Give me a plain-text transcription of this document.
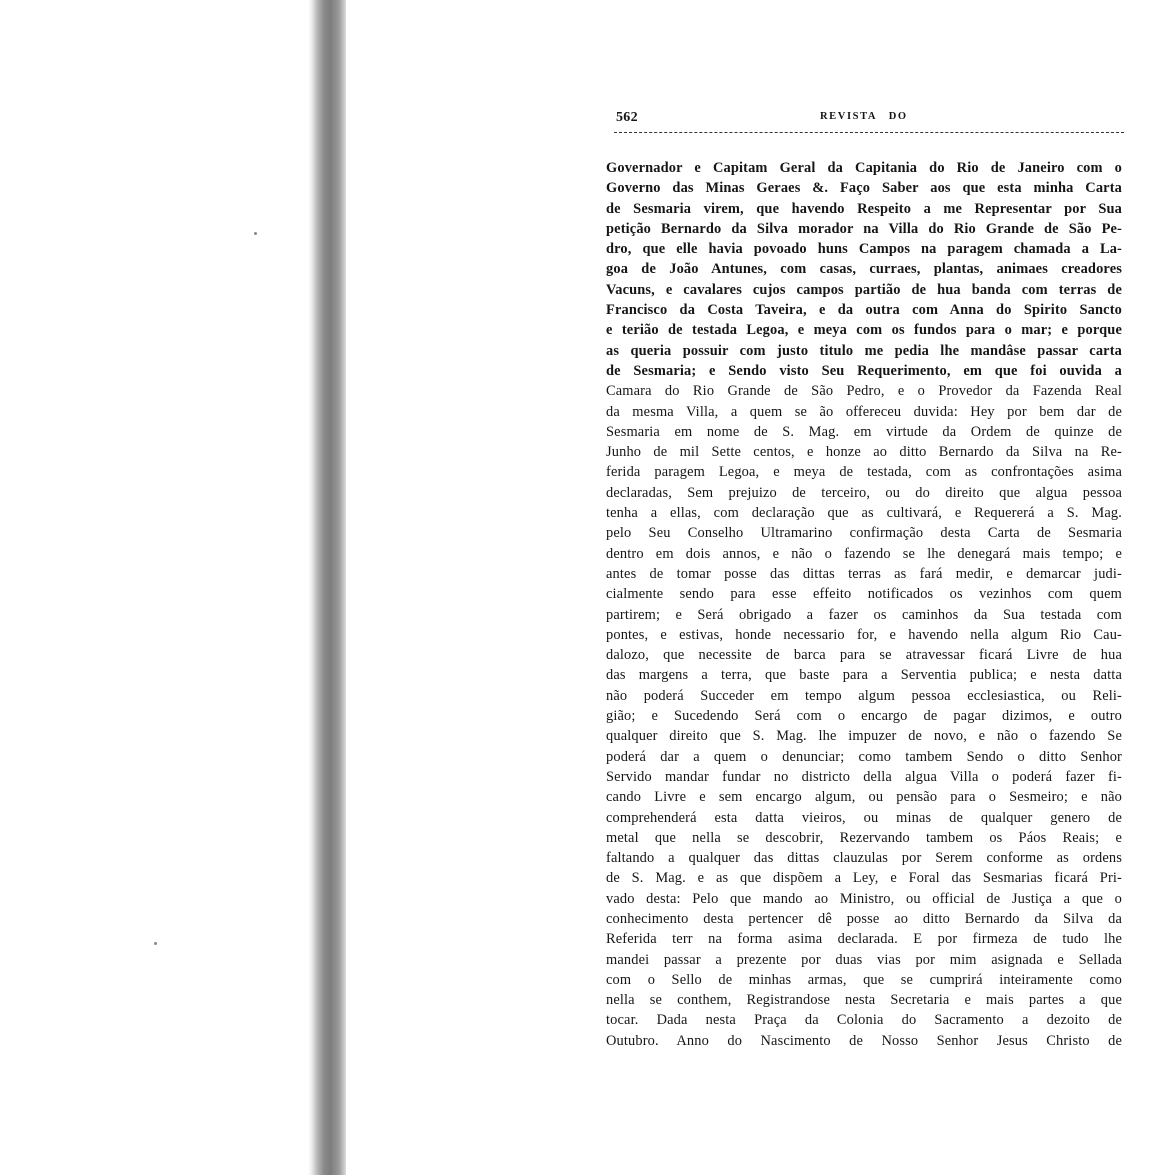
562	REVISTA DO
Governador e Capitam Geral da Capitania do Rio de Janeiro com o
Governo das Minas Geraes &. Faço Saber aos que esta minha Carta
de Sesmaria virem, que havendo Respeito a me Representar por Sua
petição Bernardo da Silva morador na Villa do Rio Grande de São Pe-
dro, que elle havia povoado huns Campos na paragem chamada a La-
goa de João Antunes, com casas, curraes, plantas, animaes creadores
Vacuns, e cavalares cujos campos partião de hua banda com terras de
Francisco da Costa Taveira, e da outra com Anna do Spirito Sancto
e terião de testada Legoa, e meya com os fundos para o mar; e porque
as queria possuir com justo titulo me pedia lhe mandâse passar carta
de Sesmaria; e Sendo visto Seu Requerimento, em que foi ouvida a
Camara do Rio Grande de São Pedro, e o Provedor da Fazenda Real
da mesma Villa, a quem se ão offereceu duvida: Hey por bem dar de
Sesmaria em nome de S. Mag. em virtude da Ordem de quinze de
Junho de mil Sette centos, e honze ao ditto Bernardo da Silva na Re-
ferida paragem Legoa, e meya de testada, com as confrontações asima
declaradas, Sem prejuizo de terceiro, ou do direito que algua pessoa
tenha a ellas, com declaração que as cultivará, e Requererá a S. Mag.
pelo Seu Conselho Ultramarino confirmação desta Carta de Sesmaria
dentro em dois annos, e não o fazendo se lhe denegará mais tempo; e
antes de tomar posse das dittas terras as fará medir, e demarcar judi-
cialmente sendo para esse effeito notificados os vezinhos com quem
partirem; e Será obrigado a fazer os caminhos da Sua testada com
pontes, e estivas, honde necessario for, e havendo nella algum Rio Cau-
dalozo, que necessite de barca para se atravessar ficará Livre de hua
das margens a terra, que baste para a Serventia publica; e nesta datta
não poderá Succeder em tempo algum pessoa ecclesiastica, ou Reli-
gião; e Sucedendo Será com o encargo de pagar dizimos, e outro
qualquer direito que S. Mag. lhe impuzer de novo, e não o fazendo Se
poderá dar a quem o denunciar; como tambem Sendo o ditto Senhor
Servido mandar fundar no districto della algua Villa o poderá fazer fi-
cando Livre e sem encargo algum, ou pensão para o Sesmeiro; e não
comprehenderá esta datta vieiros, ou minas de qualquer genero de
metal que nella se descobrir, Rezervando tambem os Páos Reais; e
faltando a qualquer das dittas clauzulas por Serem conforme as ordens
de S. Mag. e as que dispõem a Ley, e Foral das Sesmarias ficará Pri-
vado desta: Pelo que mando ao Ministro, ou official de Justiça a que o
conhecimento desta pertencer dê posse ao ditto Bernardo da Silva da
Referida terr na forma asima declarada. E por firmeza de tudo lhe
mandei passar a prezente por duas vias por mim asignada e Sellada
com o Sello de minhas armas, que se cumprirá inteiramente como
nella se conthem, Registrandose nesta Secretaria e mais partes a que
tocar. Dada nesta Praça da Colonia do Sacramento a dezoito de
Outubro. Anno do Nascimento de Nosso Senhor Jesus Christo de
